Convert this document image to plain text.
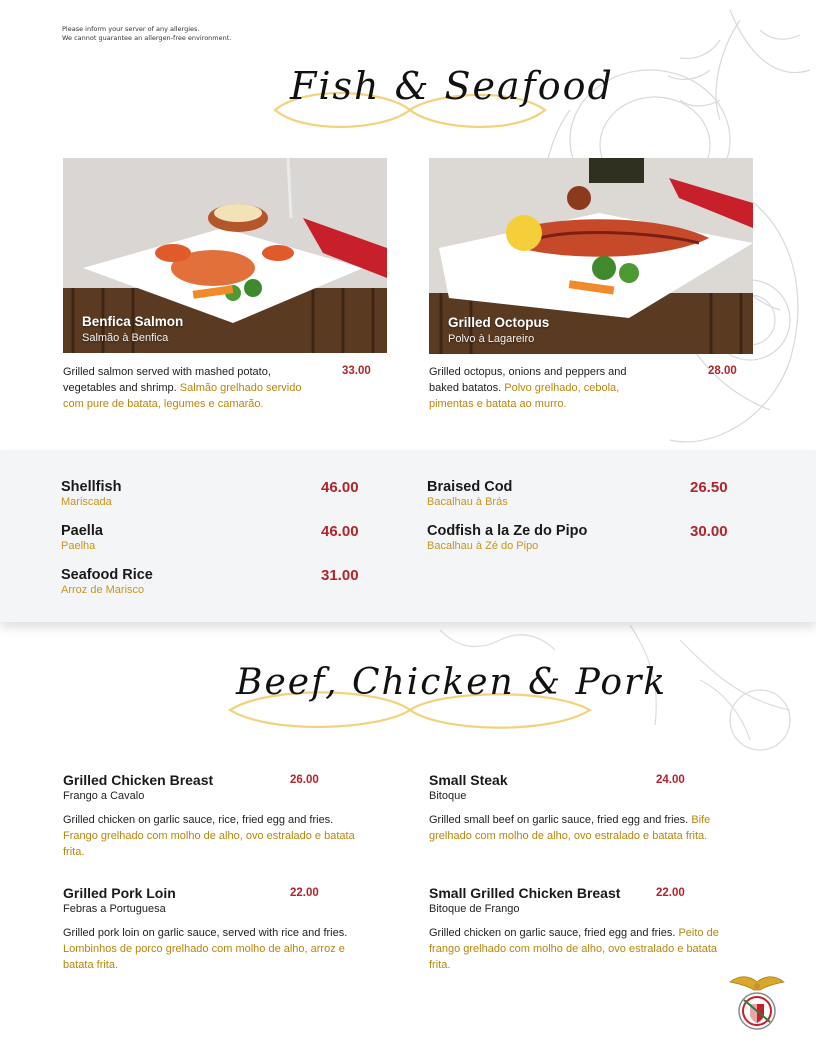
Please inform your server of any allergies.
We cannot guarantee an allergen-free environment.
Fish & Seafood
Benfica Salmon
Salmão à Benfica
Grilled Octopus
Polvo à Lagareiro
Grilled salmon served with mashed potato, vegetables and shrimp. Salmão grelhado servido com pure de batata, legumes e camarão.
33.00	Grilled octopus, onions and peppers and baked batatos. Polvo grelhado, cebola, pimentas e batata ao murro.
28.00
Shellfish
Mariscada
46.00
Paella
Paelha
46.00
Seafood Rice
Arroz de Marisco
31.00
Braised Cod
Bacalhau à Brás
26.50
Codfish a la Ze do Pipo
Bacalhau à Zé do Pipo
30.00
Beef, Chicken & Pork
Grilled Chicken Breast
Frango a Cavalo
Grilled chicken on garlic sauce, rice, fried egg and fries. Frango grelhado com molho de alho, ovo estralado e batata frita.
26.00	Small Steak
Bitoque
Grilled small beef on garlic sauce, fried egg and fries. Bife grelhado com molho de alho, ovo estralado e batata frita.
24.00
Grilled Pork Loin
Febras a Portuguesa
Grilled pork loin on garlic sauce, served with rice and fries. Lombinhos de porco grelhado com molho de alho, arroz e batata frita.
22.00	Small Grilled Chicken Breast
Bitoque de Frango
Grilled chicken on garlic sauce, fried egg and fries. Peito de frango grelhado com molho de alho, ovo estralado e batata frita.
22.00
